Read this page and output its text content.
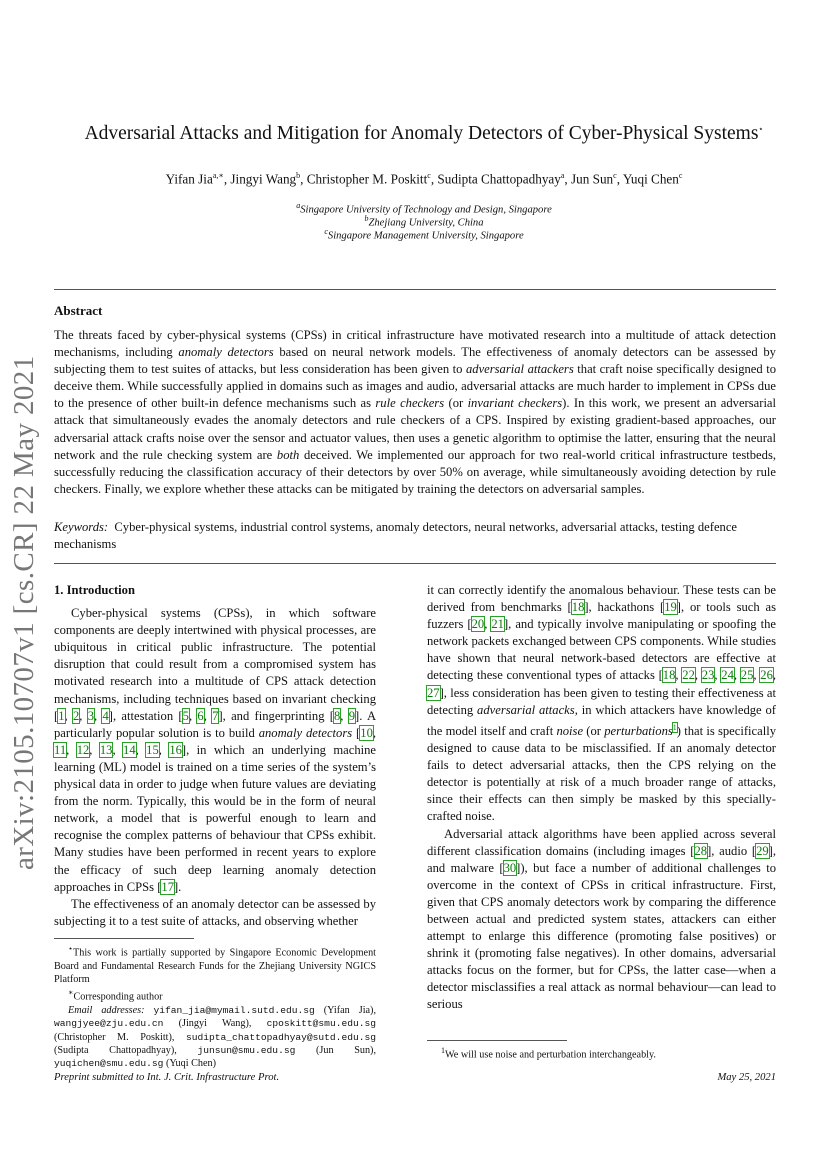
arXiv:2105.10707v1 [cs.CR] 22 May 2021
Adversarial Attacks and Mitigation for Anomaly Detectors of Cyber-Physical Systems⋆
Yifan Jia$^{a,∗}$, Jingyi Wang$^b$, Christopher M. Poskitt$^c$, Sudipta Chattopadhyay$^a$, Jun Sun$^c$, Yuqi Chen$^c$
$^a$Singapore University of Technology and Design, Singapore
$^b$Zhejiang University, China
$^c$Singapore Management University, Singapore
Abstract
The threats faced by cyber-physical systems (CPSs) in critical infrastructure have motivated research into a multitude of attack detection mechanisms, including anomaly detectors based on neural network models. The effectiveness of anomaly detectors can be assessed by subjecting them to test suites of attacks, but less consideration has been given to adversarial attackers that craft noise specifically designed to deceive them. While successfully applied in domains such as images and audio, adversarial attacks are much harder to implement in CPSs due to the presence of other built-in defence mechanisms such as rule checkers (or invariant checkers). In this work, we present an adversarial attack that simultaneously evades the anomaly detectors and rule checkers of a CPS. Inspired by existing gradient-based approaches, our adversarial attack crafts noise over the sensor and actuator values, then uses a genetic algorithm to optimise the latter, ensuring that the neural network and the rule checking system are both deceived. We implemented our approach for two real-world critical infrastructure testbeds, successfully reducing the classification accuracy of their detectors by over 50% on average, while simultaneously avoiding detection by rule checkers. Finally, we explore whether these attacks can be mitigated by training the detectors on adversarial samples.
Keywords: Cyber-physical systems, industrial control systems, anomaly detectors, neural networks, adversarial attacks, testing defence mechanisms
1. Introduction

Cyber-physical systems (CPSs), in which software components are deeply intertwined with physical processes, are ubiquitous in critical public infrastructure. The potential disruption that could result from a compromised system has motivated research into a multitude of CPS attack detection mechanisms, including techniques based on invariant checking [1, 2, 3, 4], attestation [5, 6, 7], and fingerprinting [8, 9]. A particularly popular solution is to build anomaly detectors [10, 11, 12, 13, 14, 15, 16], in which an underlying machine learning (ML) model is trained on a time series of the system’s physical data in order to judge when future values are deviating from the norm. Typically, this would be in the form of neural network, a model that is powerful enough to learn and recognise the complex patterns of behaviour that CPSs exhibit. Many studies have been performed in recent years to explore the efficacy of such deep learning anomaly detection approaches in CPSs [17].

The effectiveness of an anomaly detector can be assessed by subjecting it to a test suite of attacks, and observing whether

⋆This work is partially supported by Singapore Economic Development Board and Fundamental Research Funds for the Zhejiang University NGICS Platform
∗Corresponding author
Email addresses: yifan_jia@mymail.sutd.edu.sg (Yifan Jia), wangjyee@zju.edu.cn (Jingyi Wang), cposkitt@smu.edu.sg (Christopher M. Poskitt), sudipta_chattopadhyay@sutd.edu.sg (Sudipta Chattopadhyay), junsun@smu.edu.sg (Jun Sun), yuqichen@smu.edu.sg (Yuqi Chen)

it can correctly identify the anomalous behaviour. These tests can be derived from benchmarks [18], hackathons [19], or tools such as fuzzers [20, 21], and typically involve manipulating or spoofing the network packets exchanged between CPS components. While studies have shown that neural network-based detectors are effective at detecting these conventional types of attacks [18, 22, 23, 24, 25, 26, 27], less consideration has been given to testing their effectiveness at detecting adversarial attacks, in which attackers have knowledge of the model itself and craft noise (or perturbations$^1$) that is specifically designed to cause data to be misclassified. If an anomaly detector fails to detect adversarial attacks, then the CPS relying on the detector is potentially at risk of a much broader range of attacks, since their effects can then simply be masked by this specially-crafted noise.

Adversarial attack algorithms have been applied across several different classification domains (including images [28], audio [29], and malware [30]), but face a number of additional challenges to overcome in the context of CPSs in critical infrastructure. First, given that CPS anomaly detectors work by comparing the difference between actual and predicted system states, attackers can either attempt to enlarge this difference (promoting false positives) or shrink it (promoting false negatives). In other domains, adversarial attacks focus on the former, but for CPSs, the latter case—when a detector misclassifies a real attack as normal behaviour—can lead to serious

$^1$We will use noise and perturbation interchangeably.
Preprint submitted to Int. J. Crit. Infrastructure Prot.	May 25, 2021
